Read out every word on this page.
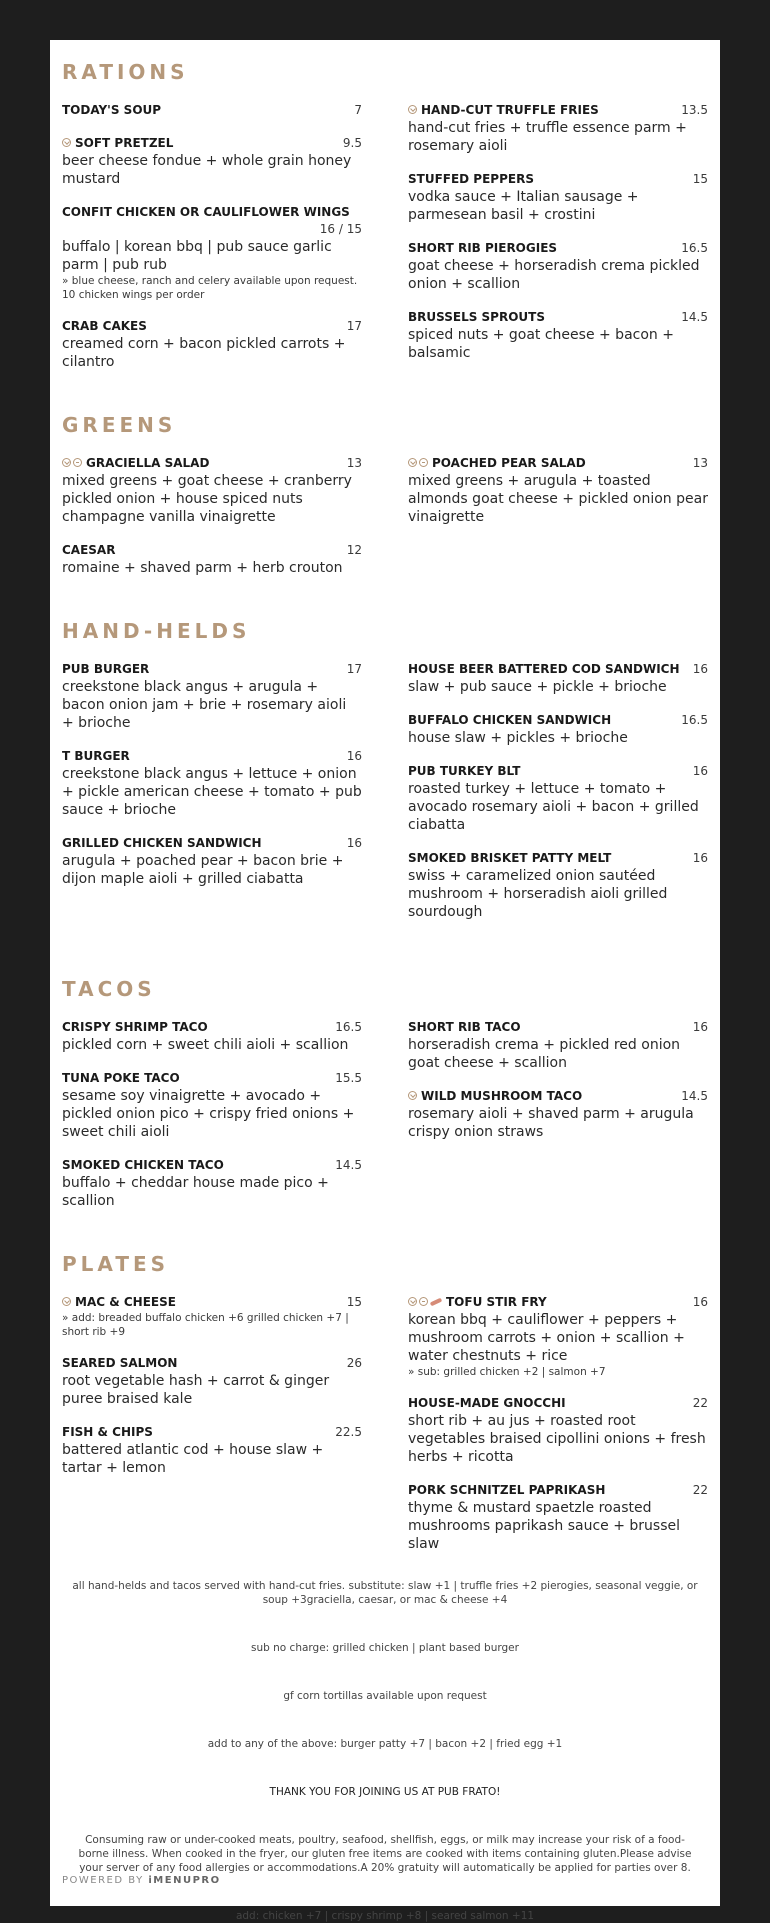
RATIONS
TODAY'S SOUP	7
SOFT PRETZEL	9.5
beer cheese fondue + whole grain honey mustard
CONFIT CHICKEN OR CAULIFLOWER WINGS
16 / 15
buffalo | korean bbq | pub sauce garlic parm | pub rub
» blue cheese, ranch and celery available upon request. 10 chicken wings per order
CRAB CAKES	17
creamed corn + bacon pickled carrots + cilantro
HAND-CUT TRUFFLE FRIES	13.5
hand-cut fries + truffle essence parm + rosemary aioli
STUFFED PEPPERS	15
vodka sauce + Italian sausage + parmesean basil + crostini
SHORT RIB PIEROGIES	16.5
goat cheese + horseradish crema pickled onion + scallion
BRUSSELS SPROUTS	14.5
spiced nuts + goat cheese + bacon + balsamic
GREENS
GRACIELLA SALAD	13
mixed greens + goat cheese + cranberry pickled onion + house spiced nuts champagne vanilla vinaigrette
CAESAR	12
romaine + shaved parm + herb crouton
POACHED PEAR SALAD	13
mixed greens + arugula + toasted almonds goat cheese + pickled onion pear vinaigrette
HAND-HELDS
PUB BURGER	17
creekstone black angus + arugula + bacon onion jam + brie + rosemary aioli + brioche
T BURGER	16
creekstone black angus + lettuce + onion + pickle american cheese + tomato + pub sauce + brioche
GRILLED CHICKEN SANDWICH	16
arugula + poached pear + bacon brie + dijon maple aioli + grilled ciabatta
HOUSE BEER BATTERED COD SANDWICH	16
slaw + pub sauce + pickle + brioche
BUFFALO CHICKEN SANDWICH	16.5
house slaw + pickles + brioche
PUB TURKEY BLT	16
roasted turkey + lettuce + tomato + avocado rosemary aioli + bacon + grilled ciabatta
SMOKED BRISKET PATTY MELT	16
swiss + caramelized onion sautéed mushroom + horseradish aioli grilled sourdough
TACOS
CRISPY SHRIMP TACO	16.5
pickled corn + sweet chili aioli + scallion
TUNA POKE TACO	15.5
sesame soy vinaigrette + avocado + pickled onion pico + crispy fried onions + sweet chili aioli
SMOKED CHICKEN TACO	14.5
buffalo + cheddar house made pico + scallion
SHORT RIB TACO	16
horseradish crema + pickled red onion goat cheese + scallion
WILD MUSHROOM TACO	14.5
rosemary aioli + shaved parm + arugula crispy onion straws
PLATES
MAC & CHEESE	15
» add: breaded buffalo chicken +6 grilled chicken +7 | short rib +9
SEARED SALMON	26
root vegetable hash + carrot & ginger puree braised kale
FISH & CHIPS	22.5
battered atlantic cod + house slaw + tartar + lemon
TOFU STIR FRY	16
korean bbq + cauliflower + peppers + mushroom carrots + onion + scallion + water chestnuts + rice
» sub: grilled chicken +2 | salmon +7
HOUSE-MADE GNOCCHI	22
short rib + au jus + roasted root vegetables braised cipollini onions + fresh herbs + ricotta
PORK SCHNITZEL PAPRIKASH	22
thyme & mustard spaetzle roasted mushrooms paprikash sauce + brussel slaw

all hand-helds and tacos served with hand-cut fries. substitute: slaw +1 | truffle fries +2 pierogies, seasonal veggie, or soup +3graciella, caesar, or mac & cheese +4

sub no charge: grilled chicken | plant based burger

gf corn tortillas available upon request

add to any of the above: burger patty +7 | bacon +2 | fried egg +1

THANK YOU FOR JOINING US AT PUB FRATO!

Consuming raw or under-cooked meats, poultry, seafood, shellfish, eggs, or milk may increase your risk of a food-borne illness. When cooked in the fryer, our gluten free items are cooked with items containing gluten.Please advise your server of any food allergies or accommodations.A 20% gratuity will automatically be applied for parties over 8.

add: chicken +7 | crispy shrimp +8 | seared salmon +11

POWERED BY iMENUPRO
